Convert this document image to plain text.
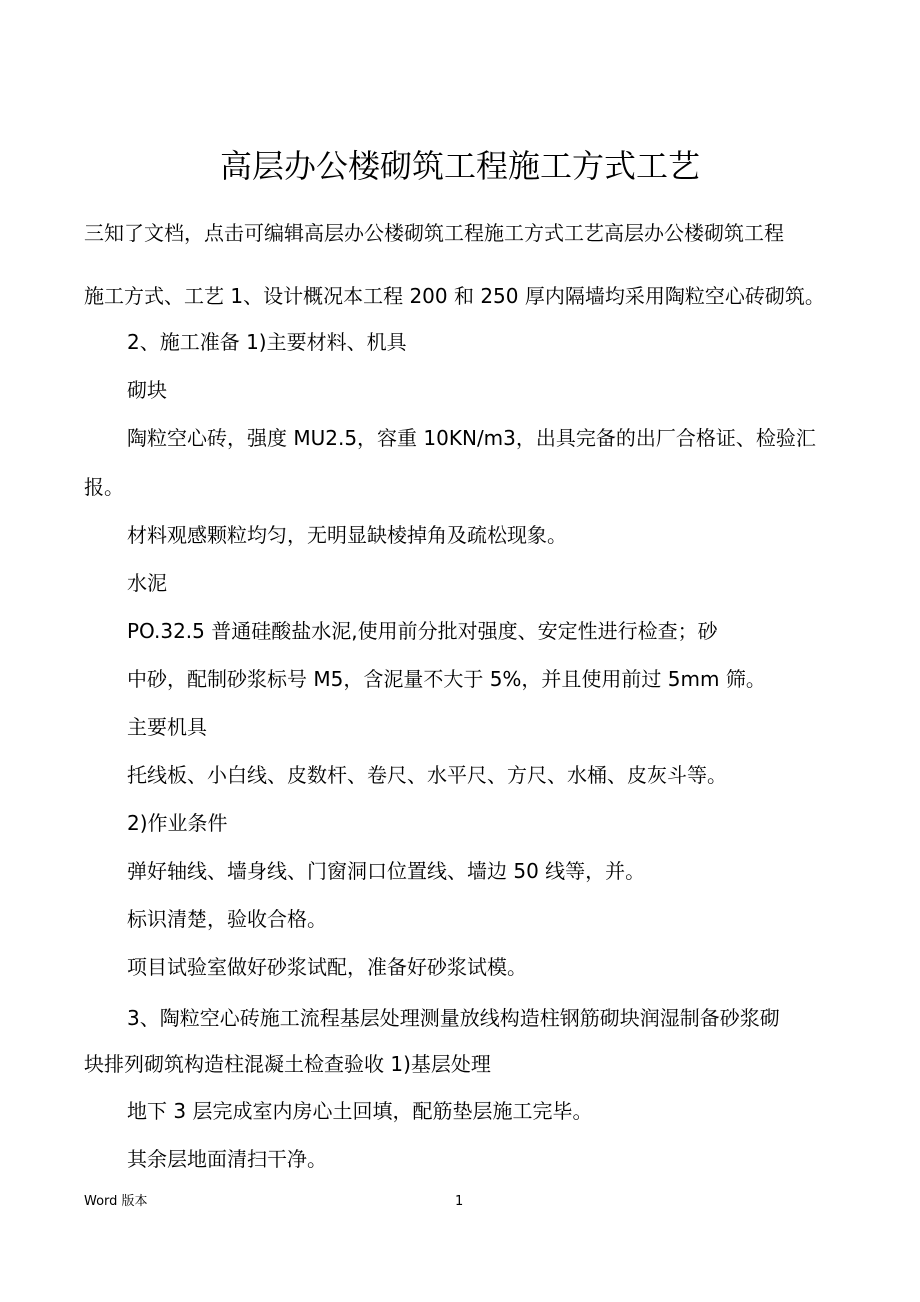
高层办公楼砌筑工程施工方式工艺

三知了文档，点击可编辑高层办公楼砌筑工程施工方式工艺高层办公楼砌筑工程

施工方式、工艺 1、设计概况本工程 200 和 250 厚内隔墙均采用陶粒空心砖砌筑。

2、施工准备 1)主要材料、机具

砌块

陶粒空心砖，强度 MU2.5，容重 10KN/m3，出具完备的出厂合格证、检验汇

报。

材料观感颗粒均匀，无明显缺棱掉角及疏松现象。

水泥

PO.32.5 普通硅酸盐水泥,使用前分批对强度、安定性进行检查；砂

中砂，配制砂浆标号 M5，含泥量不大于 5%，并且使用前过 5mm 筛。

主要机具

托线板、小白线、皮数杆、卷尺、水平尺、方尺、水桶、皮灰斗等。

2)作业条件

弹好轴线、墙身线、门窗洞口位置线、墙边 50 线等，并。

标识清楚，验收合格。

项目试验室做好砂浆试配，准备好砂浆试模。

3、陶粒空心砖施工流程基层处理测量放线构造柱钢筋砌块润湿制备砂浆砌

块排列砌筑构造柱混凝土检查验收 1)基层处理

地下 3 层完成室内房心土回填，配筋垫层施工完毕。

其余层地面清扫干净。

Word 版本	1
